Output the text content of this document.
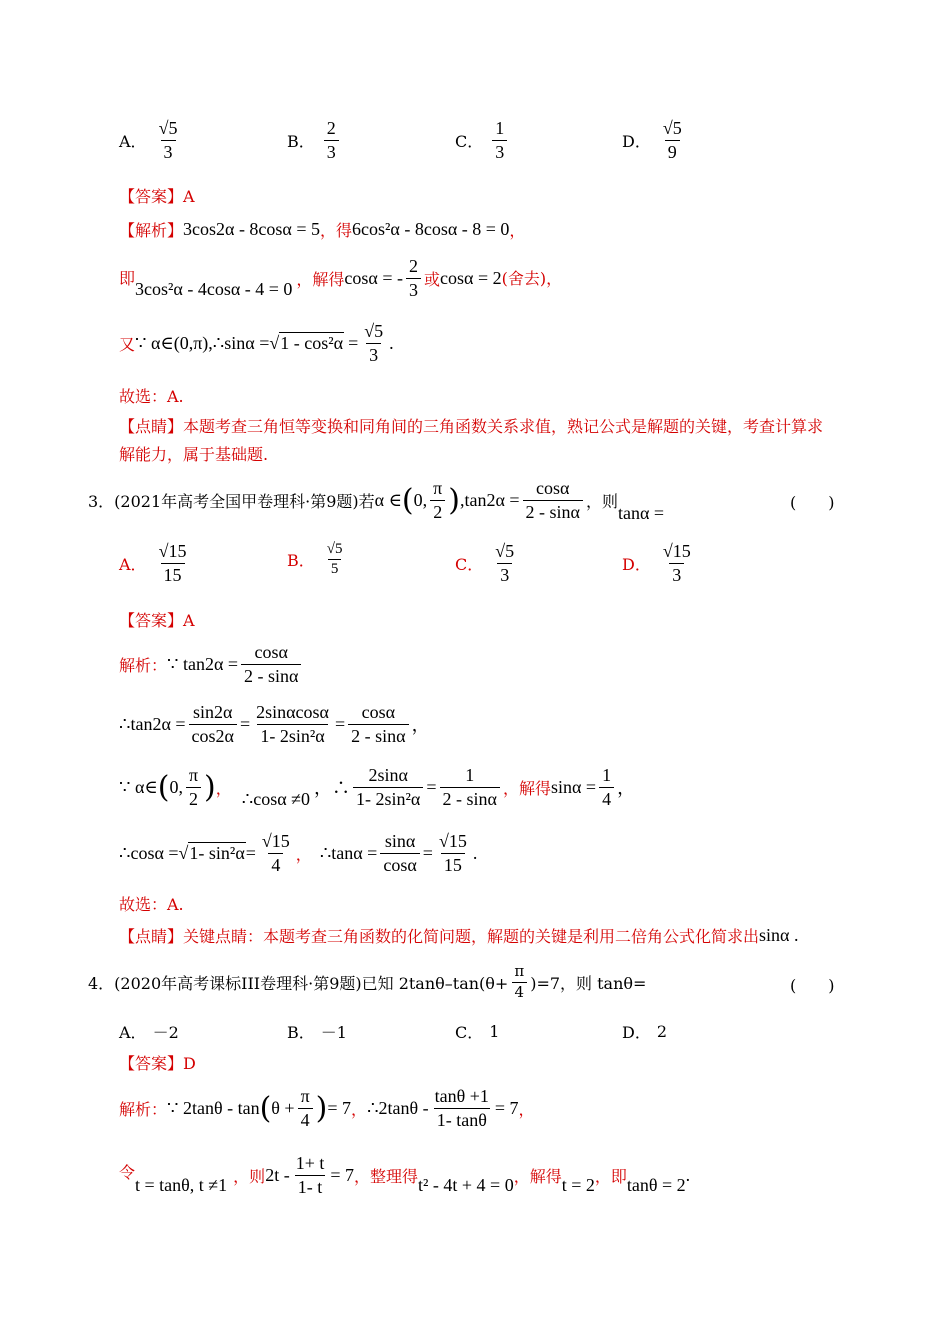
A． $\frac{√5}{3}$	B． $\frac{2}{3}$	C． $\frac{1}{3}$	D． $\frac{√5}{9}$
【答案】A
【解析】 3cos2α - 8cosα = 5 ，得 6cos²α - 8cosα - 8 = 0 ，
即
3cos²α - 4cosα - 4 = 0 ，解得 cosα = - $\frac{2}{3}$ 或 cosα = 2 (舍去)，
又 ∵ α∈(0,π),∴sinα = $√1 - \cos^2\alpha = \frac{√5}{3}$ .
故选：A.
【点睛】本题考查三角恒等变换和同角间的三角函数关系求值，熟记公式是解题的关键，考查计算求
解能力，属于基础题.
3．(2021年高考全国甲卷理科·第9题)若 α ∈ ( 0, $\frac{\pi}{2}$ ) $,\tan 2\alpha = \frac{\cos\alpha}{2 - \sin\alpha}$ ，则
tanα =
(　　)
A． $\frac{√15}{15}$	B． $\frac{√5}{5}$	C． $\frac{√5}{3}$	D． $\frac{√15}{3}$
【答案】A
解析： ∵ $\tan 2\alpha = \frac{\cos\alpha}{2 - \sin\alpha}$
∴tan2α = $\frac{\sin 2\alpha}{\cos 2\alpha} = \frac{2\sin\alpha\cos\alpha}{\text{1- 2sin²α}} = \frac{\cos\alpha}{2 - \sin\alpha}$ ，
∵ α∈ ( 0, $\frac{\pi}{2}$ ) ，
∴cosα ≠0
，∴ $\frac{2\sin\alpha}{\text{1- 2sin²α}} = \frac{1}{2 - \sin\alpha}$ ，解得 $\sin\alpha = \frac{1}{4}$ ，
∴cosα = √1- $\sin^2\alpha = \frac{√15}{4}$ ， ∴tanα = $\frac{\sin\alpha}{\cos\alpha} = \frac{√15}{15}$ .
故选：A.
【点睛】 关键点睛：本题考查三角函数的化简问题，解题的关键是利用二倍角公式化简求出 sinα .
4．(2020年高考课标III卷理科·第9题)已知 $2\tan\theta-\tan(\theta+ \frac{\pi}{4} )=7$，则 tanθ=	(　　)
A． －2	B． －1	C． 1	D． 2
【答案】D
解析： ∵ 2tanθ - tan ( $\theta + \frac{\pi}{4}$ ) = 7 ， ∴2tanθ - $\frac{\tan\theta +1}{1- \tan\theta} = 7$ ，
令
t = tanθ, t ≠1 ，则 $2t - \frac{1+ t}{1- t} = 7$ ，整理得 t² - 4t + 4 = 0 ，解得 t = 2 ，即 tanθ = 2
.
